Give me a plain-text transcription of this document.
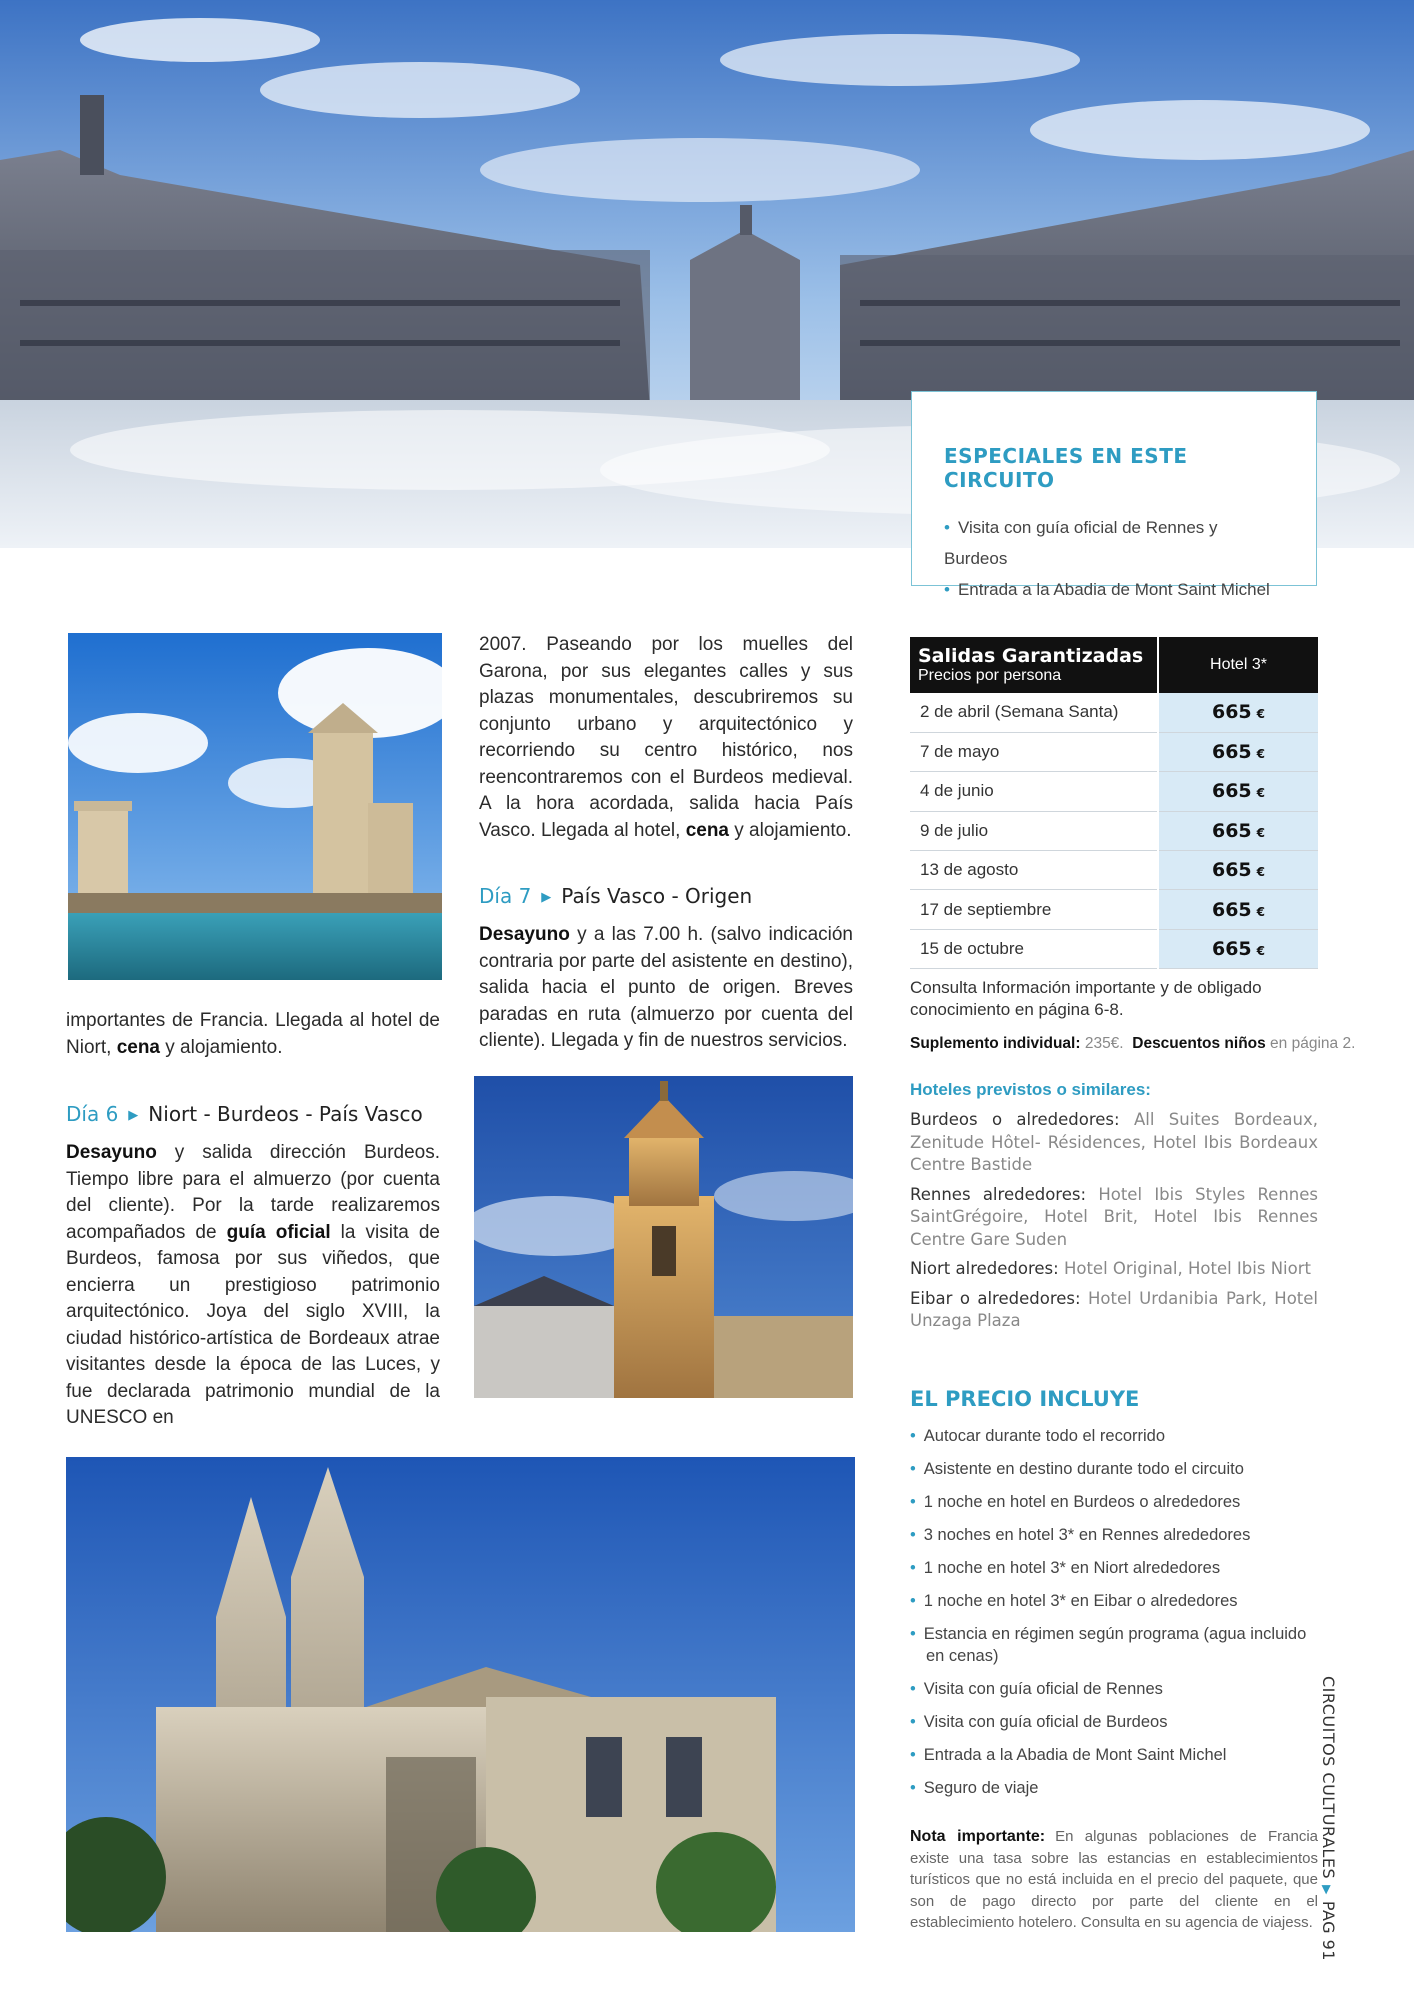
ESPECIALES EN ESTE CIRCUITO
• Visita con guía oficial de Rennes y Burdeos
• Entrada a la Abadia de Mont Saint Michel
importantes de Francia. Llegada al hotel de Niort, cena y alojamiento.
Día 6 ▶ Niort - Burdeos - País Vasco
Desayuno y salida dirección Burdeos. Tiempo libre para el almuerzo (por cuenta del cliente). Por la tarde realizaremos acompañados de guía oficial la visita de Burdeos, famosa por sus viñedos, que encierra un prestigioso patrimonio arquitectónico. Joya del siglo XVIII, la ciudad histórico-artística de Bordeaux atrae visitantes desde la época de las Luces, y fue declarada patrimonio mundial de la UNESCO en
2007. Paseando por los muelles del Garona, por sus elegantes calles y sus plazas monumentales, descubriremos su conjunto urbano y arquitectónico y recorriendo su centro histórico, nos reencontraremos con el Burdeos medieval. A la hora acordada, salida hacia País Vasco. Llegada al hotel, cena y alojamiento.
Día 7 ▶ País Vasco - Origen
Desayuno y a las 7.00 h. (salvo indicación contraria por parte del asistente en destino), salida hacia el punto de origen. Breves paradas en ruta (almuerzo por cuenta del cliente). Llegada y fin de nuestros servicios.
Salidas Garantizadas
Precios por persona	Hotel 3*
2 de abril (Semana Santa)	665 €
7 de mayo	665 €
4 de junio	665 €
9 de julio	665 €
13 de agosto	665 €
17 de septiembre	665 €
15 de octubre	665 €
Consulta Información importante y de obligado conocimiento en página 6-8.
Suplemento individual: 235€. Descuentos niños en página 2.
Hoteles previstos o similares:

Burdeos o alrededores: All Suites Bordeaux, Zenitude Hôtel- Résidences, Hotel Ibis Bordeaux Centre Bastide

Rennes alrededores: Hotel Ibis Styles Rennes SaintGrégoire, Hotel Brit, Hotel Ibis Rennes Centre Gare Suden

Niort alrededores: Hotel Original, Hotel Ibis Niort

Eibar o alrededores: Hotel Urdanibia Park, Hotel Unzaga Plaza

EL PRECIO INCLUYE
• Autocar durante todo el recorrido
• Asistente en destino durante todo el circuito
• 1 noche en hotel en Burdeos o alrededores
• 3 noches en hotel 3* en Rennes alrededores
• 1 noche en hotel 3* en Niort alrededores
• 1 noche en hotel 3* en Eibar o alrededores
• Estancia en régimen según programa (agua incluido en cenas)
• Visita con guía oficial de Rennes
• Visita con guía oficial de Burdeos
• Entrada a la Abadia de Mont Saint Michel
• Seguro de viaje
Nota importante: En algunas poblaciones de Francia existe una tasa sobre las estancias en establecimientos turísticos que no está incluida en el precio del paquete, que son de pago directo por parte del cliente en el establecimiento hotelero. Consulta en su agencia de viajess.
CIRCUITOS CULTURALES▶PAG 91
